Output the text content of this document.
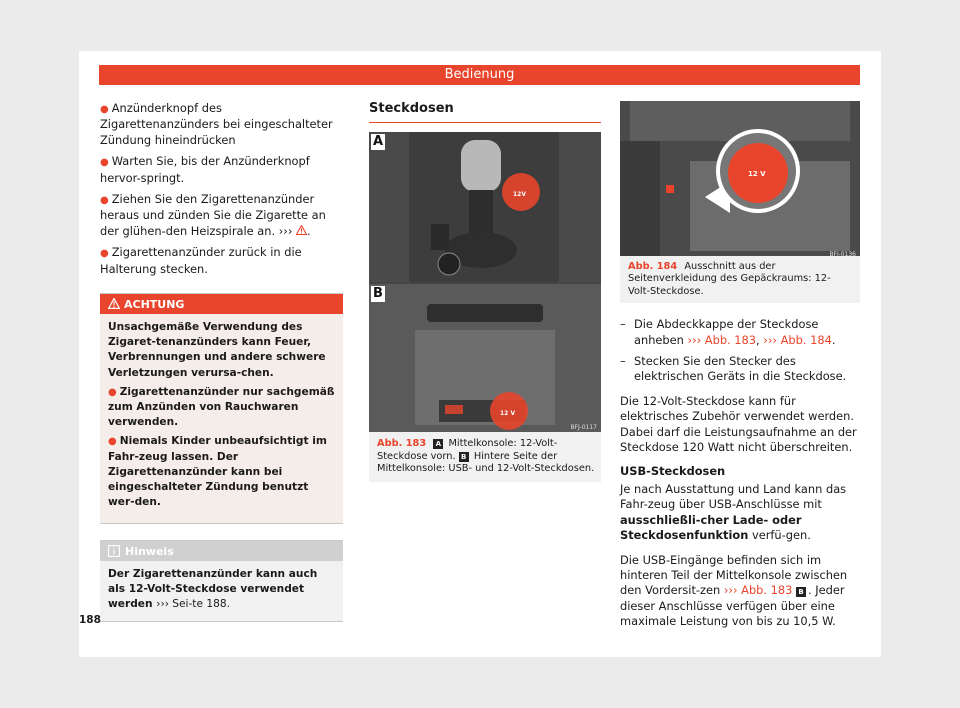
Bedienung

● Anzünderknopf des Zigarettenanzünders bei eingeschalteter Zündung hineindrücken

● Warten Sie, bis der Anzünderknopf hervor-springt.

● Ziehen Sie den Zigarettenanzünder heraus und zünden Sie die Zigarette an der glühen-den Heizspirale an. ››› .

● Zigarettenanzünder zurück in die Halterung stecken.

ACHTUNG

Unsachgemäße Verwendung des Zigaret-tenanzünders kann Feuer, Verbrennungen und andere schwere Verletzungen verursa-chen.

● Zigarettenanzünder nur sachgemäß zum Anzünden von Rauchwaren verwenden.

● Niemals Kinder unbeaufsichtigt im Fahr-zeug lassen. Der Zigarettenanzünder kann bei eingeschalteter Zündung benutzt wer-den.

Hinweis
Der Zigarettenanzünder kann auch als 12-Volt-Steckdose verwendet werden ››› Sei-te 188.
Steckdosen
A
12V
B
12 V
BFJ-0117
Abb. 183 A Mittelkonsole: 12-Volt-Steckdose vorn. B Hintere Seite der Mittelkonsole: USB- und 12-Volt-Steckdosen.
12 V
BFJ-0136
Abb. 184 Ausschnitt aus der Seitenverkleidung des Gepäckraums: 12-Volt-Steckdose.
– Die Abdeckkappe der Steckdose anheben ››› Abb. 183, ››› Abb. 184.
– Stecken Sie den Stecker des elektrischen Geräts in die Steckdose.

Die 12-Volt-Steckdose kann für elektrisches Zubehör verwendet werden. Dabei darf die Leistungsaufnahme an der Steckdose 120 Watt nicht überschreiten.

USB-Steckdosen

Je nach Ausstattung und Land kann das Fahr-zeug über USB-Anschlüsse mit ausschließli-cher Lade- oder Steckdosenfunktion verfü-gen.

Die USB-Eingänge befinden sich im hinteren Teil der Mittelkonsole zwischen den Vordersit-zen ››› Abb. 183 B . Jeder dieser Anschlüsse verfügen über eine maximale Leistung von bis zu 10,5 W.

188
